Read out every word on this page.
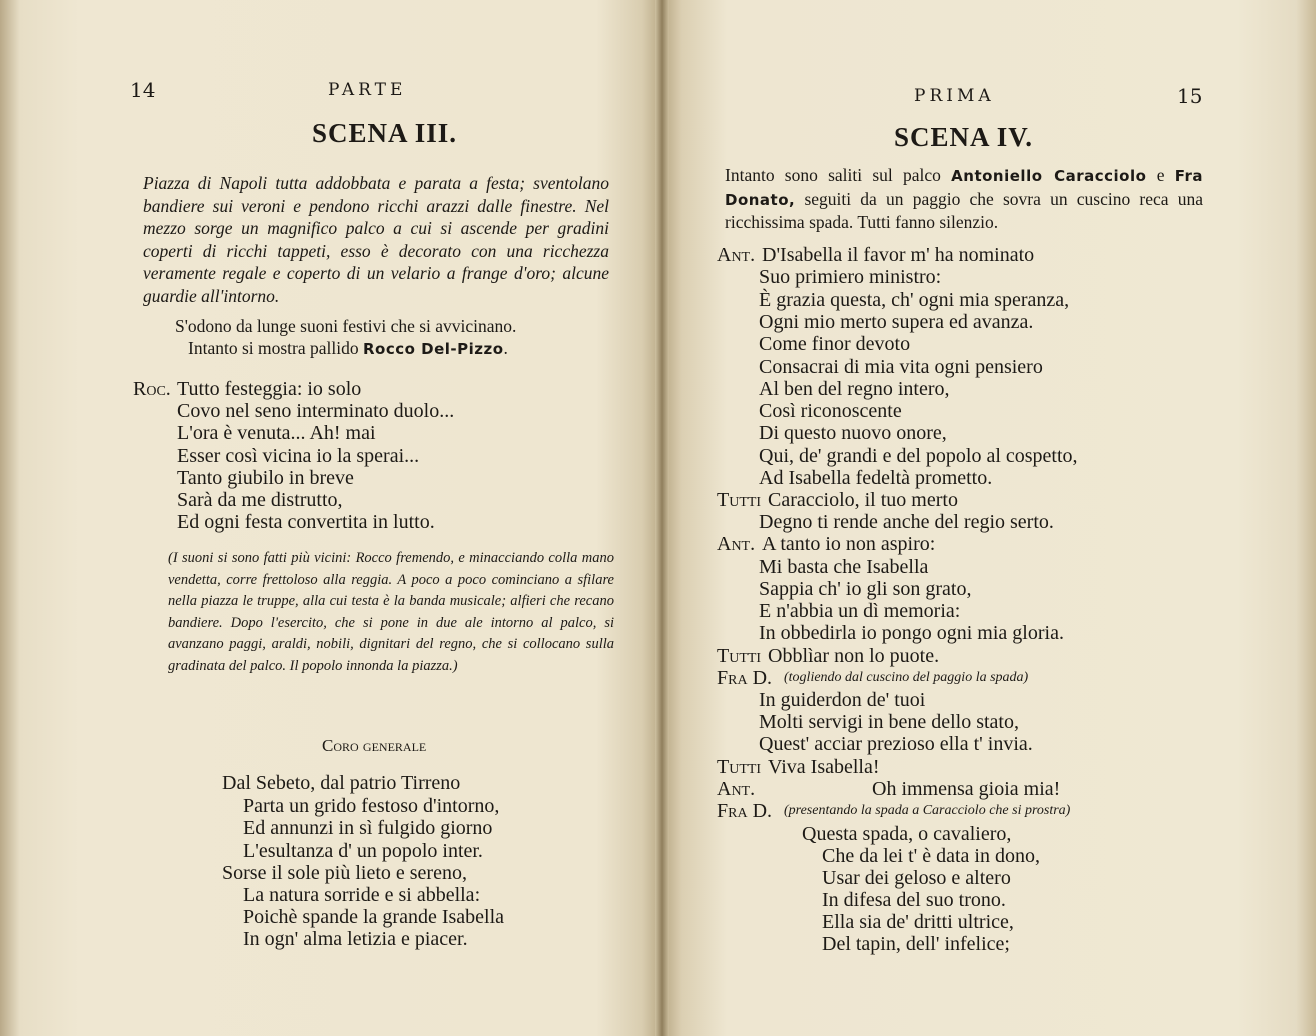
14	PARTE
SCENA III.
Piazza di Napoli tutta addobbata e parata a festa; sventolano bandiere sui veroni e pendono ricchi arazzi dalle finestre. Nel mezzo sorge un magnifico palco a cui si ascende per gradini coperti di ricchi tappeti, esso è decorato con una ricchezza veramente regale e coperto di un velario a frange d'oro; alcune guardie all'intorno.
S'odono da lunge suoni festivi che si avvicinano.
Intanto si mostra pallido Rocco Del-Pizzo.
Roc. Tutto festeggia: io solo
Covo nel seno interminato duolo...
L'ora è venuta... Ah! mai
Esser così vicina io la sperai...
Tanto giubilo in breve
Sarà da me distrutto,
Ed ogni festa convertita in lutto.
(I suoni si sono fatti più vicini: Rocco fremendo, e minacciando colla mano vendetta, corre frettoloso alla reggia. A poco a poco cominciano a sfilare nella piazza le truppe, alla cui testa è la banda musicale; alfieri che recano bandiere. Dopo l'esercito, che si pone in due ale intorno al palco, si avanzano paggi, araldi, nobili, dignitari del regno, che si collocano sulla gradinata del palco. Il popolo innonda la piazza.)
Coro generale
Dal Sebeto, dal patrio Tirreno
Parta un grido festoso d'intorno,
Ed annunzi in sì fulgido giorno
L'esultanza d' un popolo inter.
Sorse il sole più lieto e sereno,
La natura sorride e si abbella:
Poichè spande la grande Isabella
In ogn' alma letizia e piacer.
PRIMA	15
SCENA IV.
Intanto sono saliti sul palco Antoniello Caracciolo e Fra Donato, seguiti da un paggio che sovra un cuscino reca una ricchissima spada. Tutti fanno silenzio.
Ant. D'Isabella il favor m' ha nominato
Suo primiero ministro:
È grazia questa, ch' ogni mia speranza,
Ogni mio merto supera ed avanza.
Come finor devoto
Consacrai di mia vita ogni pensiero
Al ben del regno intero,
Così riconoscente
Di questo nuovo onore,
Qui, de' grandi e del popolo al cospetto,
Ad Isabella fedeltà prometto.
Tutti Caracciolo, il tuo merto
Degno ti rende anche del regio serto.
Ant. A tanto io non aspiro:
Mi basta che Isabella
Sappia ch' io gli son grato,
E n'abbia un dì memoria:
In obbedirla io pongo ogni mia gloria.
Tutti Obblìar non lo puote.
Fra D. (togliendo dal cuscino del paggio la spada)
In guiderdon de' tuoi
Molti servigi in bene dello stato,
Quest' acciar prezioso ella t' invia.
Tutti Viva Isabella!
Ant.	Oh immensa gioia mia!
Fra D. (presentando la spada a Caracciolo che si prostra)
Questa spada, o cavaliero,
Che da lei t' è data in dono,
Usar dei geloso e altero
In difesa del suo trono.
Ella sia de' dritti ultrice,
Del tapin, dell' infelice;
